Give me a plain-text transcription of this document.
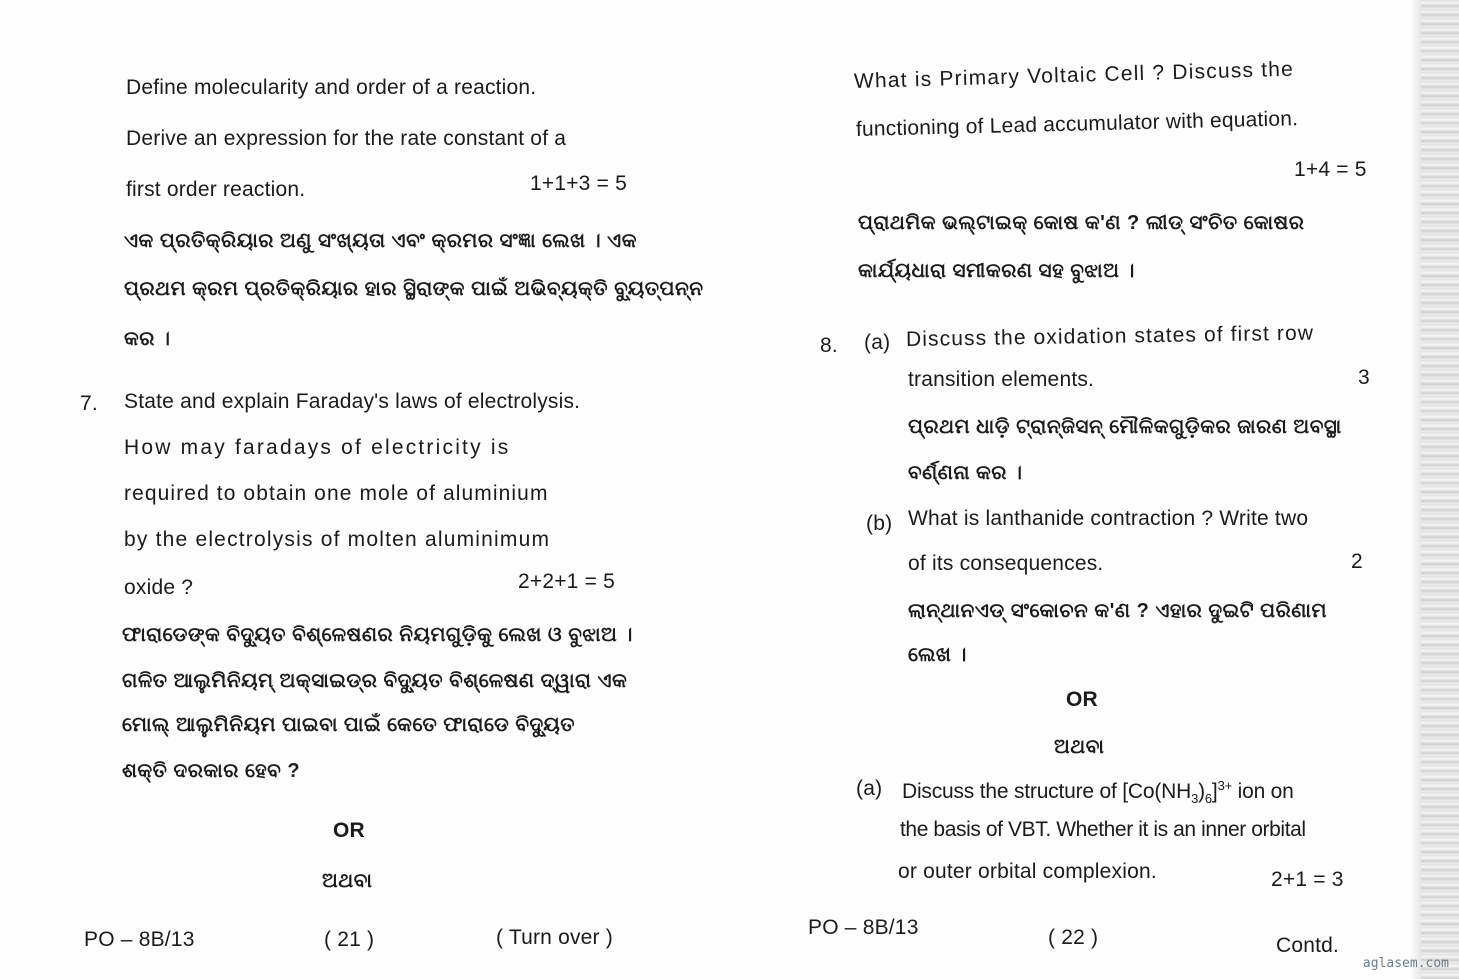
Define molecularity and order of a reaction.
Derive an expression for the rate constant of a
first order reaction.	1+1+3 = 5
ଏକ ପ୍ରତିକ୍ରିୟାର ଅଣୁ ସଂଖ୍ୟତା ଏବଂ କ୍ରମର ସଂଜ୍ଞା ଲେଖ । ଏକ
ପ୍ରଥମ କ୍ରମ ପ୍ରତିକ୍ରିୟାର ହାର ସ୍ଥିରାଙ୍କ ପାଇଁ ଅଭିବ୍ୟକ୍ତି ବ୍ୟୁତ୍ପନ୍ନ
କର ।
7. State and explain Faraday's laws of electrolysis.
How may faradays of electricity is
required to obtain one mole of aluminium
by the electrolysis of molten aluminimum
oxide ?	2+2+1 = 5
ଫାରାଡେଙ୍କ ବିଦ୍ୟୁତ ବିଶ୍ଳେଷଣର ନିୟମଗୁଡ଼ିକୁ ଲେଖ ଓ ବୁଝାଅ ।
ଗଳିତ ଆଲୁମିନିୟମ୍ ଅକ୍ସାଇଡ୍‌ର ବିଦ୍ୟୁତ ବିଶ୍ଳେଷଣ ଦ୍ୱାରା ଏକ
ମୋଲ୍ ଆଲୁମିନିୟମ ପାଇବା ପାଇଁ କେତେ ଫାରାଡେ ବିଦ୍ୟୁତ
ଶକ୍ତି ଦରକାର ହେବ ?
OR
ଅଥବା
PO – 8B/13	( 21 )	( Turn over )
What is Primary Voltaic Cell ? Discuss the
functioning of Lead accumulator with equation.
1+4 = 5
ପ୍ରାଥମିକ ଭଲ୍‌ଟାଇକ୍ କୋଷ କ'ଣ ? ଲୀଡ୍ ସଂଚିତ କୋଷର
କାର୍ଯ୍ୟଧାରା ସମୀକରଣ ସହ ବୁଝାଅ ।
8. (a) Discuss the oxidation states of first row
transition elements.	3
ପ୍ରଥମ ଧାଡ଼ି ଟ୍ରାନ୍‌ଜିସନ୍ ମୌଳିକଗୁଡ଼ିକର ଜାରଣ ଅବସ୍ଥା
ବର୍ଣ୍ଣନା କର ।
(b) What is lanthanide contraction ? Write two
of its consequences.	2
ଲାନ୍‌ଥାନଏଡ୍ ସଂକୋଚନ କ'ଣ ? ଏହାର ଦୁଇଟି ପରିଣାମ
ଲେଖ ।
OR
ଅଥବା
(a) Discuss the structure of $[Co(NH_3)_6]^{3+}$ ion on
the basis of VBT. Whether it is an inner orbital
or outer orbital complexion.	2+1 = 3
PO – 8B/13	( 22 )	Contd.
aglasem.com
